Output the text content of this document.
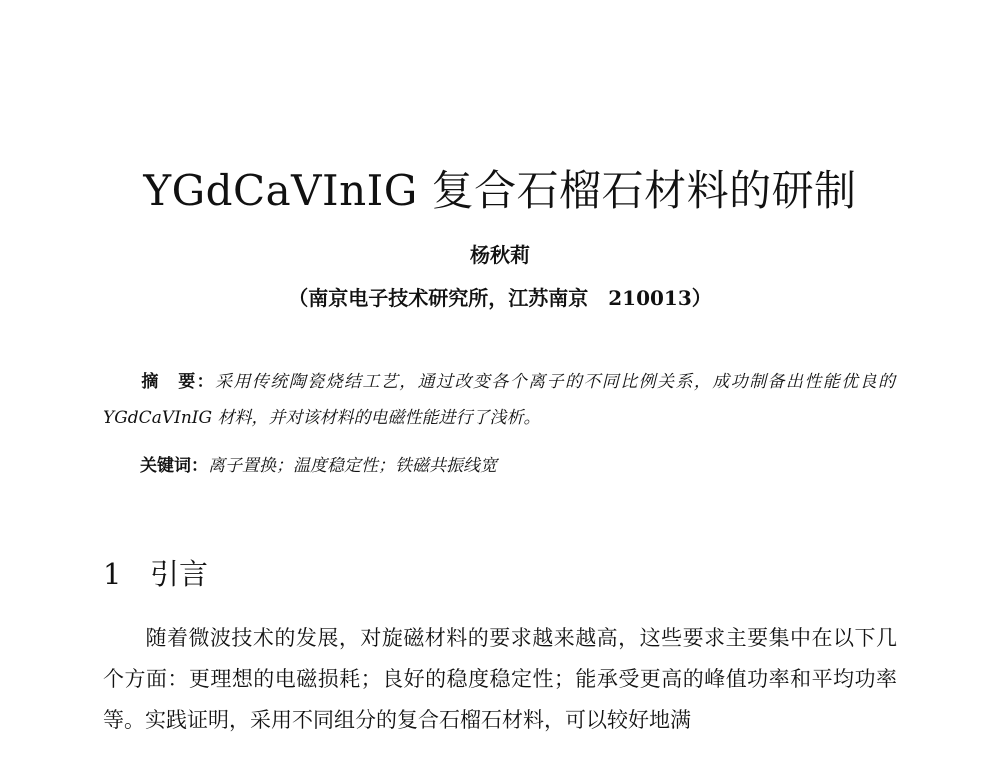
YGdCaVInIG 复合石榴石材料的研制
杨秋莉
（南京电子技术研究所，江苏南京　210013）

摘　要：采用传统陶瓷烧结工艺，通过改变各个离子的不同比例关系，成功制备出性能优良的 YGdCaVInIG 材料，并对该材料的电磁性能进行了浅析。

关键词：离子置换；温度稳定性；铁磁共振线宽
1 引言

随着微波技术的发展，对旋磁材料的要求越来越高，这些要求主要集中在以下几个方面：更理想的电磁损耗；良好的稳度稳定性；能承受更高的峰值功率和平均功率等。实践证明，采用不同组分的复合石榴石材料，可以较好地满
